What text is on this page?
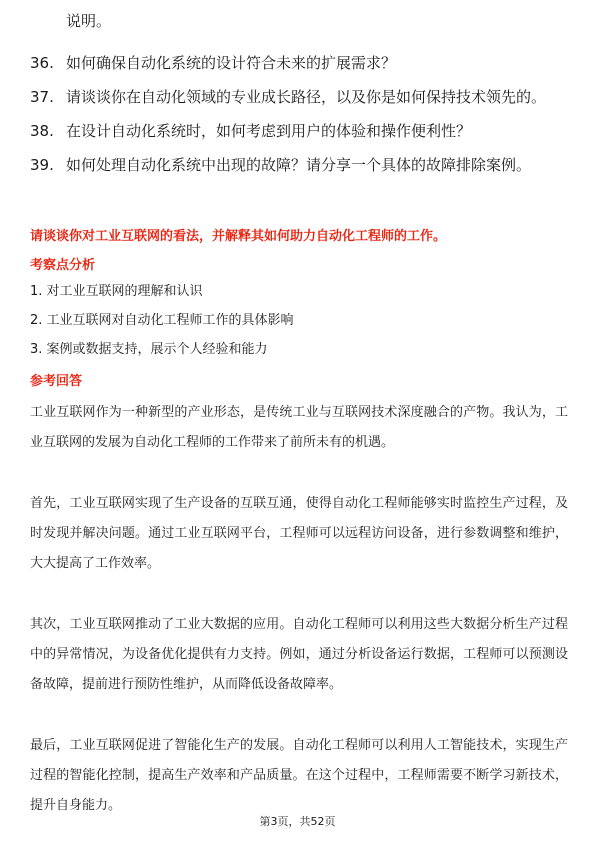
说明。
36. 如何确保自动化系统的设计符合未来的扩展需求？
37. 请谈谈你在自动化领域的专业成长路径，以及你是如何保持技术领先的。
38. 在设计自动化系统时，如何考虑到用户的体验和操作便利性？
39. 如何处理自动化系统中出现的故障？请分享一个具体的故障排除案例。
请谈谈你对工业互联网的看法，并解释其如何助力自动化工程师的工作。
考察点分析
1. 对工业互联网的理解和认识
2. 工业互联网对自动化工程师工作的具体影响
3. 案例或数据支持，展示个人经验和能力
参考回答

工业互联网作为一种新型的产业形态，是传统工业与互联网技术深度融合的产物。我认为，工业互联网的发展为自动化工程师的工作带来了前所未有的机遇。

首先，工业互联网实现了生产设备的互联互通，使得自动化工程师能够实时监控生产过程，及时发现并解决问题。通过工业互联网平台，工程师可以远程访问设备，进行参数调整和维护，大大提高了工作效率。

其次，工业互联网推动了工业大数据的应用。自动化工程师可以利用这些大数据分析生产过程中的异常情况，为设备优化提供有力支持。例如，通过分析设备运行数据，工程师可以预测设备故障，提前进行预防性维护，从而降低设备故障率。

最后，工业互联网促进了智能化生产的发展。自动化工程师可以利用人工智能技术，实现生产过程的智能化控制，提高生产效率和产品质量。在这个过程中，工程师需要不断学习新技术，提升自身能力。

第3页，共52页
